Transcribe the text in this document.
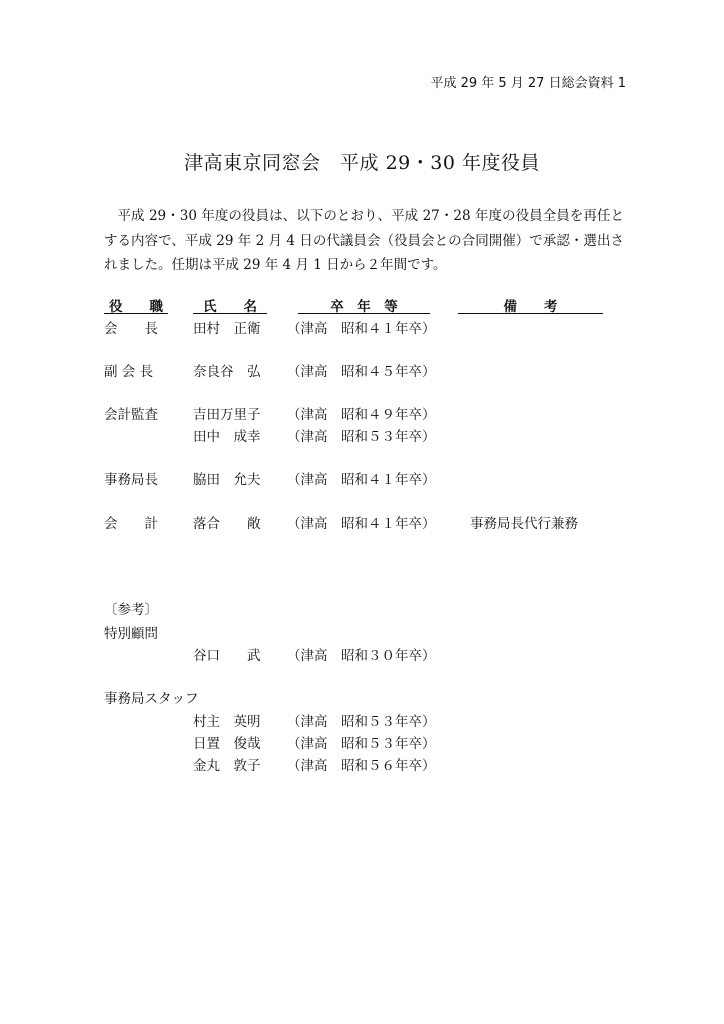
平成 29 年 5 月 27 日総会資料 1
津高東京同窓会　平成 29・30 年度役員
平成 29・30 年度の役員は、以下のとおり、平成 27・28 年度の役員全員を再任とする内容で、平成 29 年 2 月 4 日の代議員会（役員会との合同開催）で承認・選出されました。任期は平成 29 年 4 月 1 日から２年間です。
役　　職	氏　　名	卒　年　等	備　　考
会　　長	田村　正衛 （津高　昭和４１年卒）
副 会 長	奈良谷　弘 （津高　昭和４５年卒）
会計監査	吉田万里子 （津高　昭和４９年卒）
田中　成幸 （津高　昭和５３年卒）
事務局長	脇田　允夫 （津高　昭和４１年卒）
会　　計	落合　　敞 （津高　昭和４１年卒）	事務局長代行兼務
〔参考〕
特別顧問
谷口　　武 （津高　昭和３０年卒）
事務局スタッフ
村主　英明 （津高　昭和５３年卒）
日置　俊哉 （津高　昭和５３年卒）
金丸　敦子 （津高　昭和５６年卒）
